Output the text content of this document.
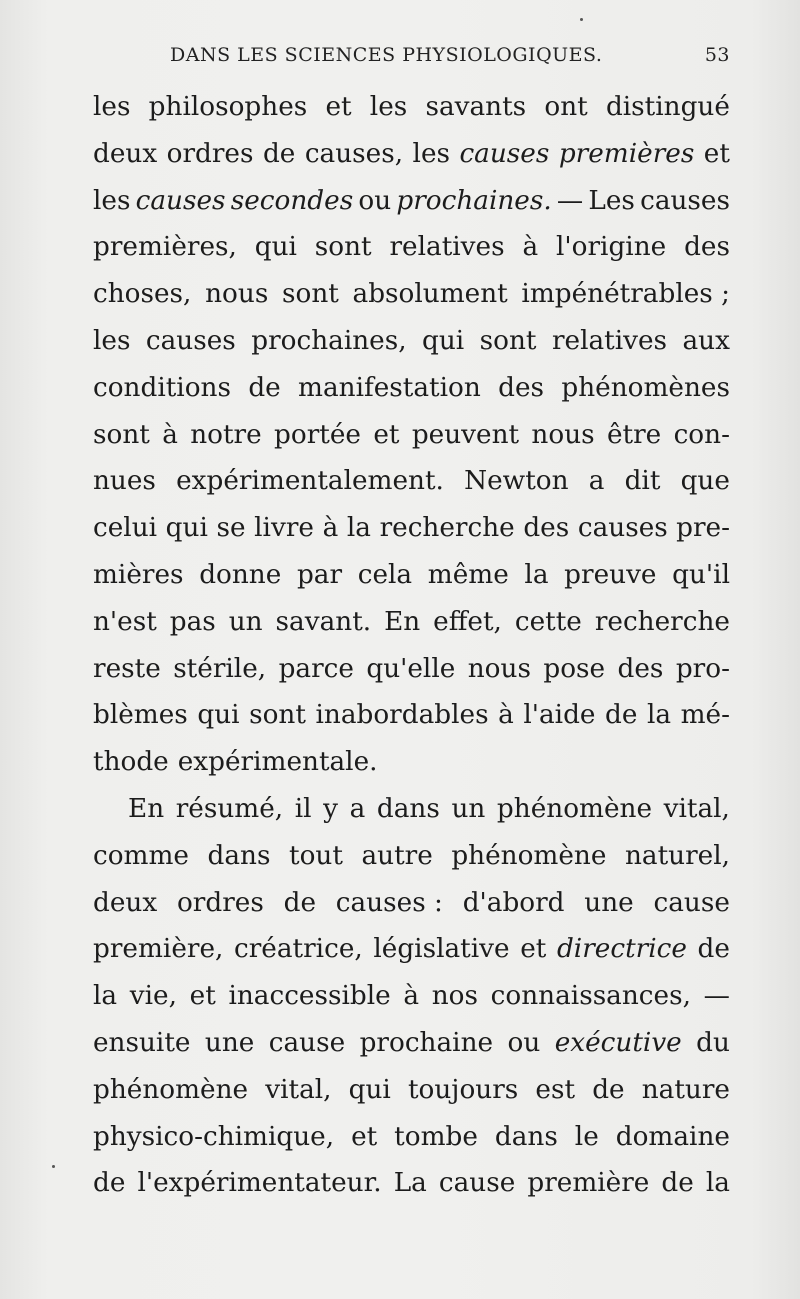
DANS LES SCIENCES PHYSIOLOGIQUES.	53
les philosophes et les savants ont distingué
deux ordres de causes, les causes premières et
les causes secondes ou prochaines. — Les causes
premières, qui sont relatives à l'origine des
choses, nous sont absolument impénétrables ;
les causes prochaines, qui sont relatives aux
conditions de manifestation des phénomènes
sont à notre portée et peuvent nous être con-
nues expérimentalement. Newton a dit que
celui qui se livre à la recherche des causes pre-
mières donne par cela même la preuve qu'il
n'est pas un savant. En effet, cette recherche
reste stérile, parce qu'elle nous pose des pro-
blèmes qui sont inabordables à l'aide de la mé-
thode expérimentale.
En résumé, il y a dans un phénomène vital,
comme dans tout autre phénomène naturel,
deux ordres de causes : d'abord une cause
première, créatrice, législative et directrice de
la vie, et inaccessible à nos connaissances, —
ensuite une cause prochaine ou exécutive du
phénomène vital, qui toujours est de nature
physico-chimique, et tombe dans le domaine
de l'expérimentateur. La cause première de la
